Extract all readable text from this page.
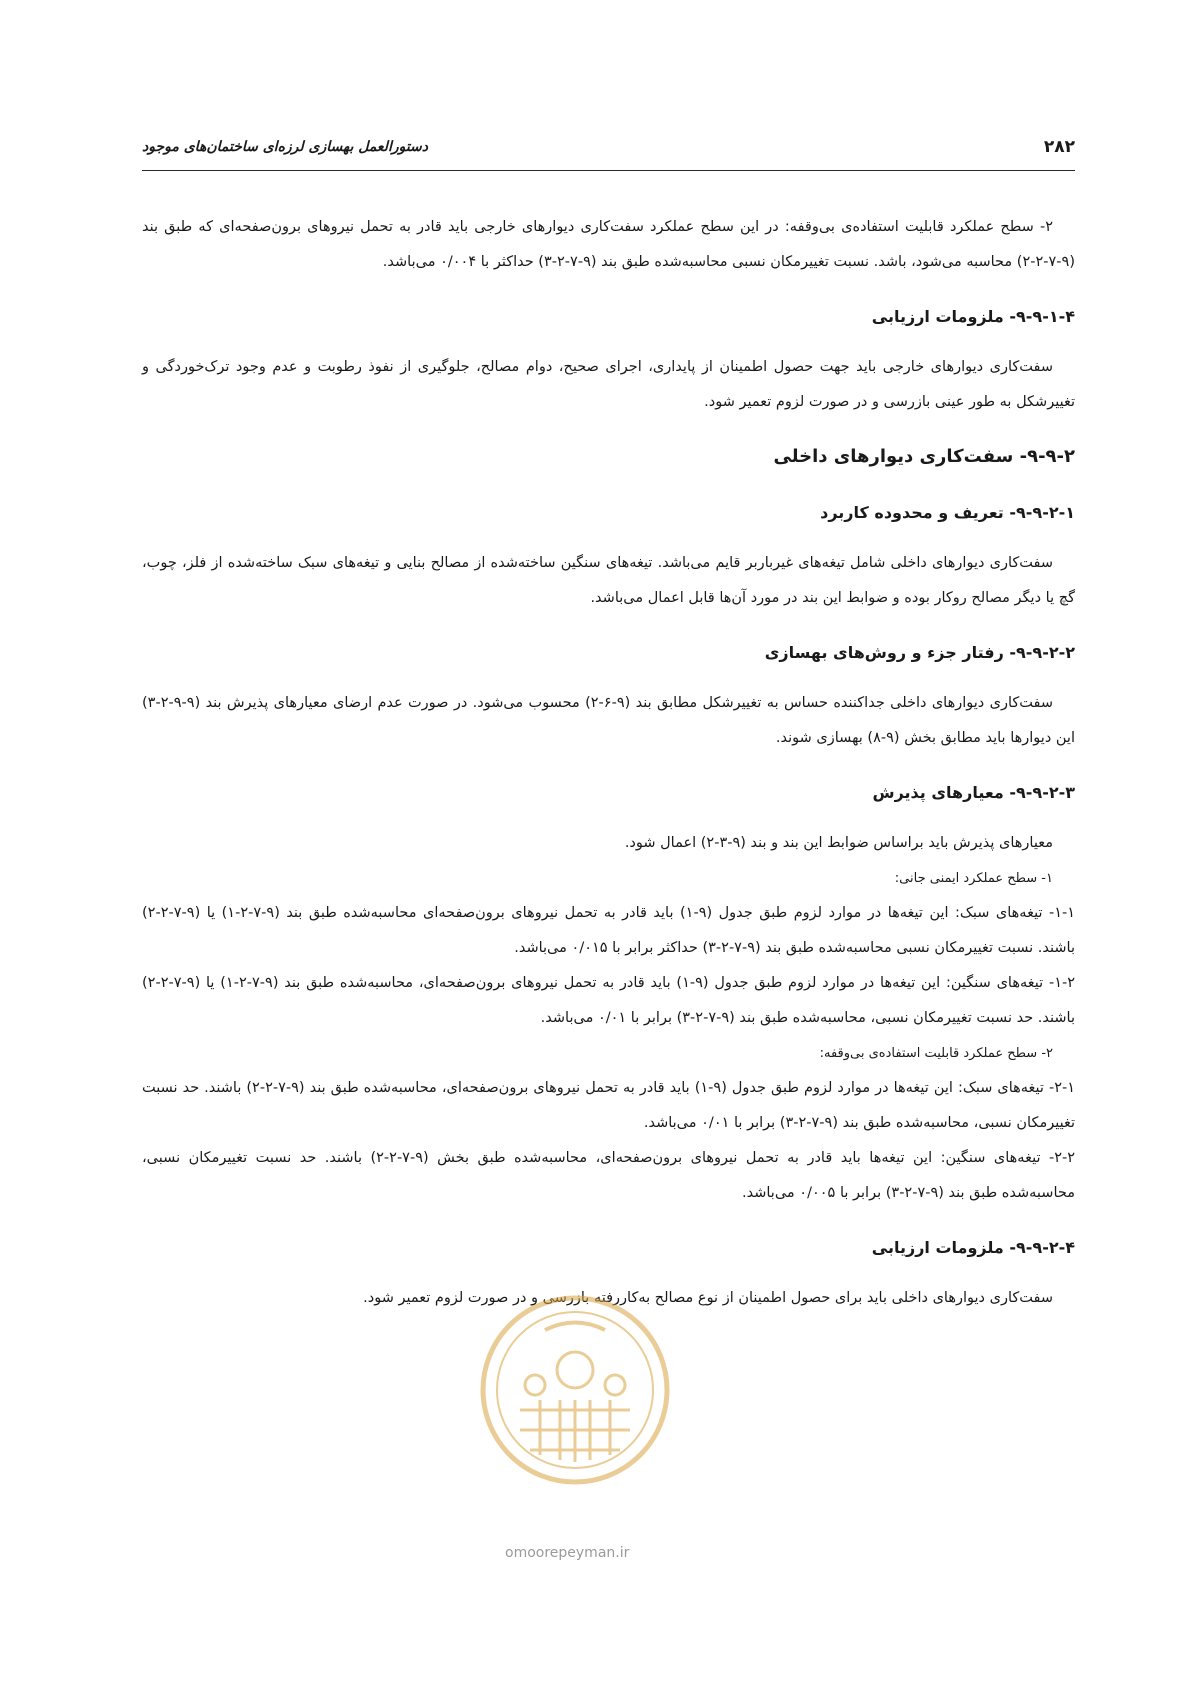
۲۸۲
دستورالعمل بهسازی لرزه‌ای ساختمان‌های موجود

۲- سطح عملکرد قابلیت استفاده‌ی بی‌وقفه: در این سطح عملکرد سفت‌کاری دیوارهای خارجی باید قادر به تحمل نیروهای برون‌صفحه‌ای که طبق بند (۹-۷-۲-۲) محاسبه می‌شود، باشد. نسبت تغییرمکان نسبی محاسبه‌شده طبق بند (۹-۷-۲-۳) حداکثر با ۰/۰۰۴ می‌باشد.

۹-۹-۱-۴- ملزومات ارزیابی

سفت‌کاری دیوارهای خارجی باید جهت حصول اطمینان از پایداری، اجرای صحیح، دوام مصالح، جلوگیری از نفوذ رطوبت و عدم وجود ترک‌خوردگی و تغییرشکل به طور عینی بازرسی و در صورت لزوم تعمیر شود.

۹-۹-۲- سفت‌کاری دیوارهای داخلی
۹-۹-۲-۱- تعریف و محدوده کاربرد

سفت‌کاری دیوارهای داخلی شامل تیغه‌های غیرباربر قایم می‌باشد. تیغه‌های سنگین ساخته‌شده از مصالح بنایی و تیغه‌های سبک ساخته‌شده از فلز، چوب، گچ یا دیگر مصالح روکار بوده و ضوابط این بند در مورد آن‌ها قابل اعمال می‌باشد.

۹-۹-۲-۲- رفتار جزء و روش‌های بهسازی

سفت‌کاری دیوارهای داخلی جداکننده حساس به تغییرشکل مطابق بند (۹-۶-۲) محسوب می‌شود. در صورت عدم ارضای معیارهای پذیرش بند (۹-۹-۲-۳) این دیوارها باید مطابق بخش (۹-۸) بهسازی شوند.

۹-۹-۲-۳- معیارهای پذیرش

معیارهای پذیرش باید براساس ضوابط این بند و بند (۹-۳-۲) اعمال شود.

۱- سطح عملکرد ایمنی جانی:

۱-۱- تیغه‌های سبک: این تیغه‌ها در موارد لزوم طبق جدول (۹-۱) باید قادر به تحمل نیروهای برون‌صفحه‌ای محاسبه‌شده طبق بند (۹-۷-۲-۱) یا (۹-۷-۲-۲) باشند. نسبت تغییرمکان نسبی محاسبه‌شده طبق بند (۹-۷-۲-۳) حداکثر برابر با ۰/۰۱۵ می‌باشد.

۱-۲- تیغه‌های سنگین: این تیغه‌ها در موارد لزوم طبق جدول (۹-۱) باید قادر به تحمل نیروهای برون‌صفحه‌ای، محاسبه‌شده طبق بند (۹-۷-۲-۱) یا (۹-۷-۲-۲) باشند. حد نسبت تغییرمکان نسبی، محاسبه‌شده طبق بند (۹-۷-۲-۳) برابر با ۰/۰۱ می‌باشد.

۲- سطح عملکرد قابلیت استفاده‌ی بی‌وقفه:

۲-۱- تیغه‌های سبک: این تیغه‌ها در موارد لزوم طبق جدول (۹-۱) باید قادر به تحمل نیروهای برون‌صفحه‌ای، محاسبه‌شده طبق بند (۹-۷-۲-۲) باشند. حد نسبت تغییرمکان نسبی، محاسبه‌شده طبق بند (۹-۷-۲-۳) برابر با ۰/۰۱ می‌باشد.

۲-۲- تیغه‌های سنگین: این تیغه‌ها باید قادر به تحمل نیروهای برون‌صفحه‌ای، محاسبه‌شده طبق بخش (۹-۷-۲-۲) باشند. حد نسبت تغییرمکان نسبی، محاسبه‌شده طبق بند (۹-۷-۲-۳) برابر با ۰/۰۰۵ می‌باشد.

۹-۹-۲-۴- ملزومات ارزیابی

سفت‌کاری دیوارهای داخلی باید برای حصول اطمینان از نوع مصالح به‌کاررفته بازرسی و در صورت لزوم تعمیر شود.

omoorepeyman.ir
